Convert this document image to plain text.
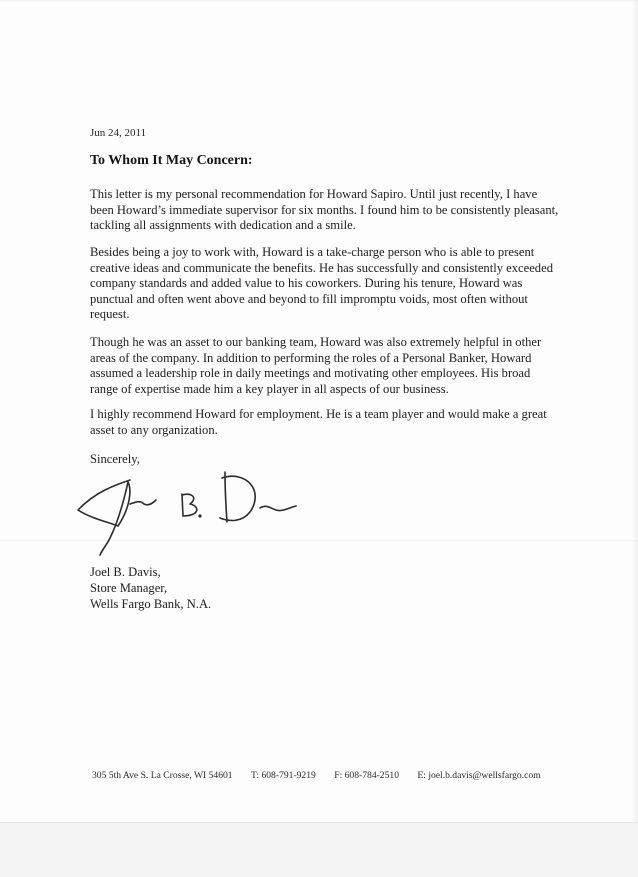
Jun 24, 2011
To Whom It May Concern:

This letter is my personal recommendation for Howard Sapiro. Until just recently, I have been Howard’s immediate supervisor for six months. I found him to be consistently pleasant, tackling all assignments with dedication and a smile.

Besides being a joy to work with, Howard is a take-charge person who is able to present creative ideas and communicate the benefits. He has successfully and consistently exceeded company standards and added value to his coworkers. During his tenure, Howard was punctual and often went above and beyond to fill impromptu voids, most often without request.

Though he was an asset to our banking team, Howard was also extremely helpful in other areas of the company. In addition to performing the roles of a Personal Banker, Howard assumed a leadership role in daily meetings and motivating other employees. His broad range of expertise made him a key player in all aspects of our business.

I highly recommend Howard for employment. He is a team player and would make a great asset to any organization.

Sincerely,
Joel B. Davis,
Store Manager,
Wells Fargo Bank, N.A.
305 5th Ave S. La Crosse, WI 54601 T: 608-791-9219 F: 608-784-2510 E: joel.b.davis@wellsfargo.com
